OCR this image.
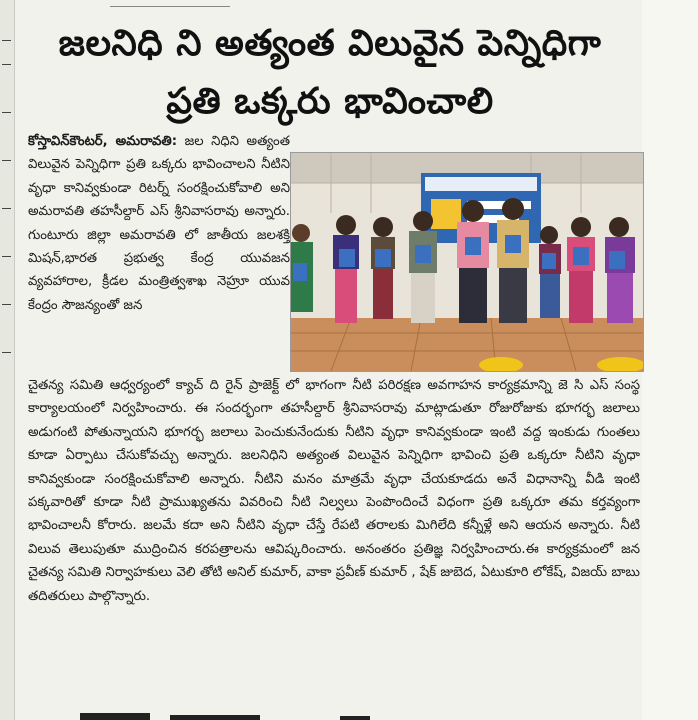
జలనిధి ని అత్యంత విలువైన పెన్నిధిగా
ప్రతి ఒక్కరు భావించాలి
కోస్తావిన్‌కౌంటర్, అమరావతి: జల నిధిని అత్యంత విలువైన పెన్నిధిగా ప్రతి ఒక్కరు భావించాలని నీటిని వృధా కానివ్వకుండా రిటర్న్ సంరక్షించుకోవాలి అని అమరావతి తహసీల్దార్ ఎస్ శ్రీనివాసరావు అన్నారు. గుంటూరు జిల్లా అమరావతి లో జాతీయ జలశక్తి మిషన్,భారత ప్రభుత్వ కేంద్ర యువజన వ్యవహారాల, క్రీడల మంత్రిత్వశాఖ నెహ్రూ యువ కేంద్రం సౌజన్యంతో జన
చైతన్య సమితి ఆధ్వర్యంలో క్యాచ్ ది రైన్ ప్రాజెక్ట్ లో భాగంగా నీటి పరిరక్షణ అవగాహన కార్యక్రమాన్ని జె సి ఎస్ సంస్థ కార్యాలయంలో నిర్వహించారు. ఈ సందర్భంగా తహసీల్దార్ శ్రీనివాసరావు మాట్లాడుతూ రోజురోజుకు భూగర్భ జలాలు అడుగంటి పోతున్నాయని భూగర్భ జలాలు పెంచుకునేందుకు నీటిని వృధా కానివ్వకుండా ఇంటి వద్ద ఇంకుడు గుంతలు కూడా ఏర్పాటు చేసుకోవచ్చు అన్నారు. జలనిధిని అత్యంత విలువైన పెన్నిధిగా భావించి ప్రతి ఒక్కరూ నీటిని వృధా కానివ్వకుండా సంరక్షించుకోవాలి అన్నారు. నీటిని మనం మాత్రమే వృధా చేయకూడదు అనే విధానాన్ని వీడి ఇంటి పక్కవారితో కూడా నీటి ప్రాముఖ్యతను వివరించి నీటి నిల్వలు పెంపొందించే విధంగా ప్రతి ఒక్కరూ తమ కర్తవ్యంగా భావించాలనీ కోరారు. జలమే కదా అని నీటిని వృధా చేస్తే రేపటి తరాలకు మిగిలేది కన్నీళ్లే అని ఆయన అన్నారు. నీటి విలువ తెలుపుతూ ముద్రించిన కరపత్రాలను ఆవిష్కరించారు. అనంతరం ప్రతిజ్ఞ నిర్వహించారు.ఈ కార్యక్రమంలో జన చైతన్య సమితి నిర్వాహకులు వెలి తోటి అనిల్ కుమార్, వాకా ప్రవీణ్ కుమార్ , షేక్ జుబెద, ఏటుకూరి లోకేష్, విజయ్ బాబు తదితరులు పాల్గొన్నారు.
